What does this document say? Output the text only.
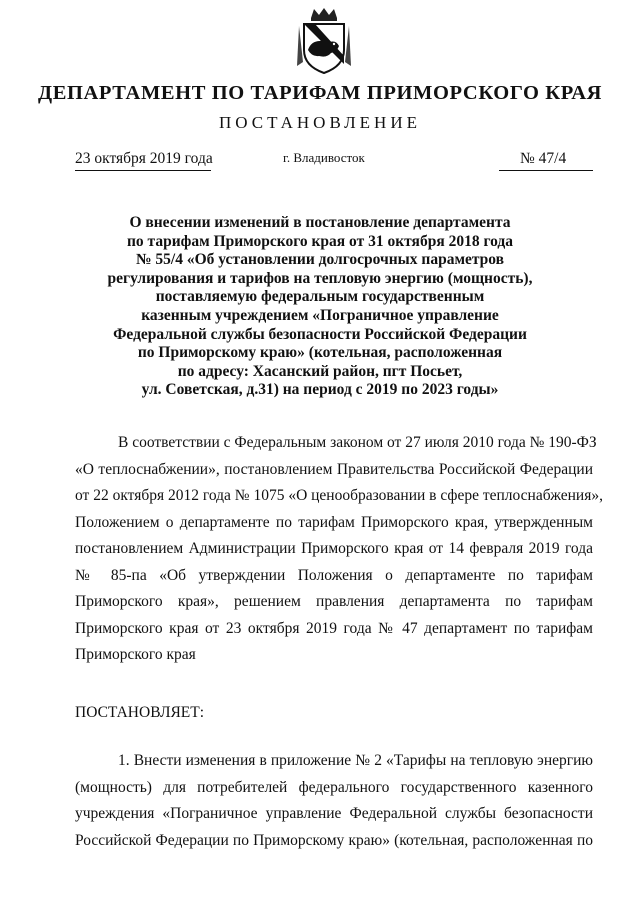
ДЕПАРТАМЕНТ ПО ТАРИФАМ ПРИМОРСКОГО КРАЯ
ПОСТАНОВЛЕНИЕ
23 октября 2019 года	г. Владивосток	№ 47/4
О внесении изменений в постановление департамента
по тарифам Приморского края от 31 октября 2018 года
№ 55/4 «Об установлении долгосрочных параметров
регулирования и тарифов на тепловую энергию (мощность),
поставляемую федеральным государственным
казенным учреждением «Пограничное управление
Федеральной службы безопасности Российской Федерации
по Приморскому краю» (котельная, расположенная
по адресу: Хасанский район, пгт Посьет,
ул. Советская, д.31) на период с 2019 по 2023 годы»
В соответствии с Федеральным законом от 27 июля 2010 года № 190-ФЗ
«О теплоснабжении», постановлением Правительства Российской Федерации
от 22 октября 2012 года № 1075 «О ценообразовании в сфере теплоснабжения»,
Положением о департаменте по тарифам Приморского края, утвержденным
постановлением Администрации Приморского края от 14 февраля 2019 года
№ 85-па «Об утверждении Положения о департаменте по тарифам
Приморского края», решением правления департамента по тарифам
Приморского края от 23 октября 2019 года № 47 департамент по тарифам
Приморского края
ПОСТАНОВЛЯЕТ:
1. Внести изменения в приложение № 2 «Тарифы на тепловую энергию
(мощность) для потребителей федерального государственного казенного
учреждения «Пограничное управление Федеральной службы безопасности
Российской Федерации по Приморскому краю» (котельная, расположенная по
